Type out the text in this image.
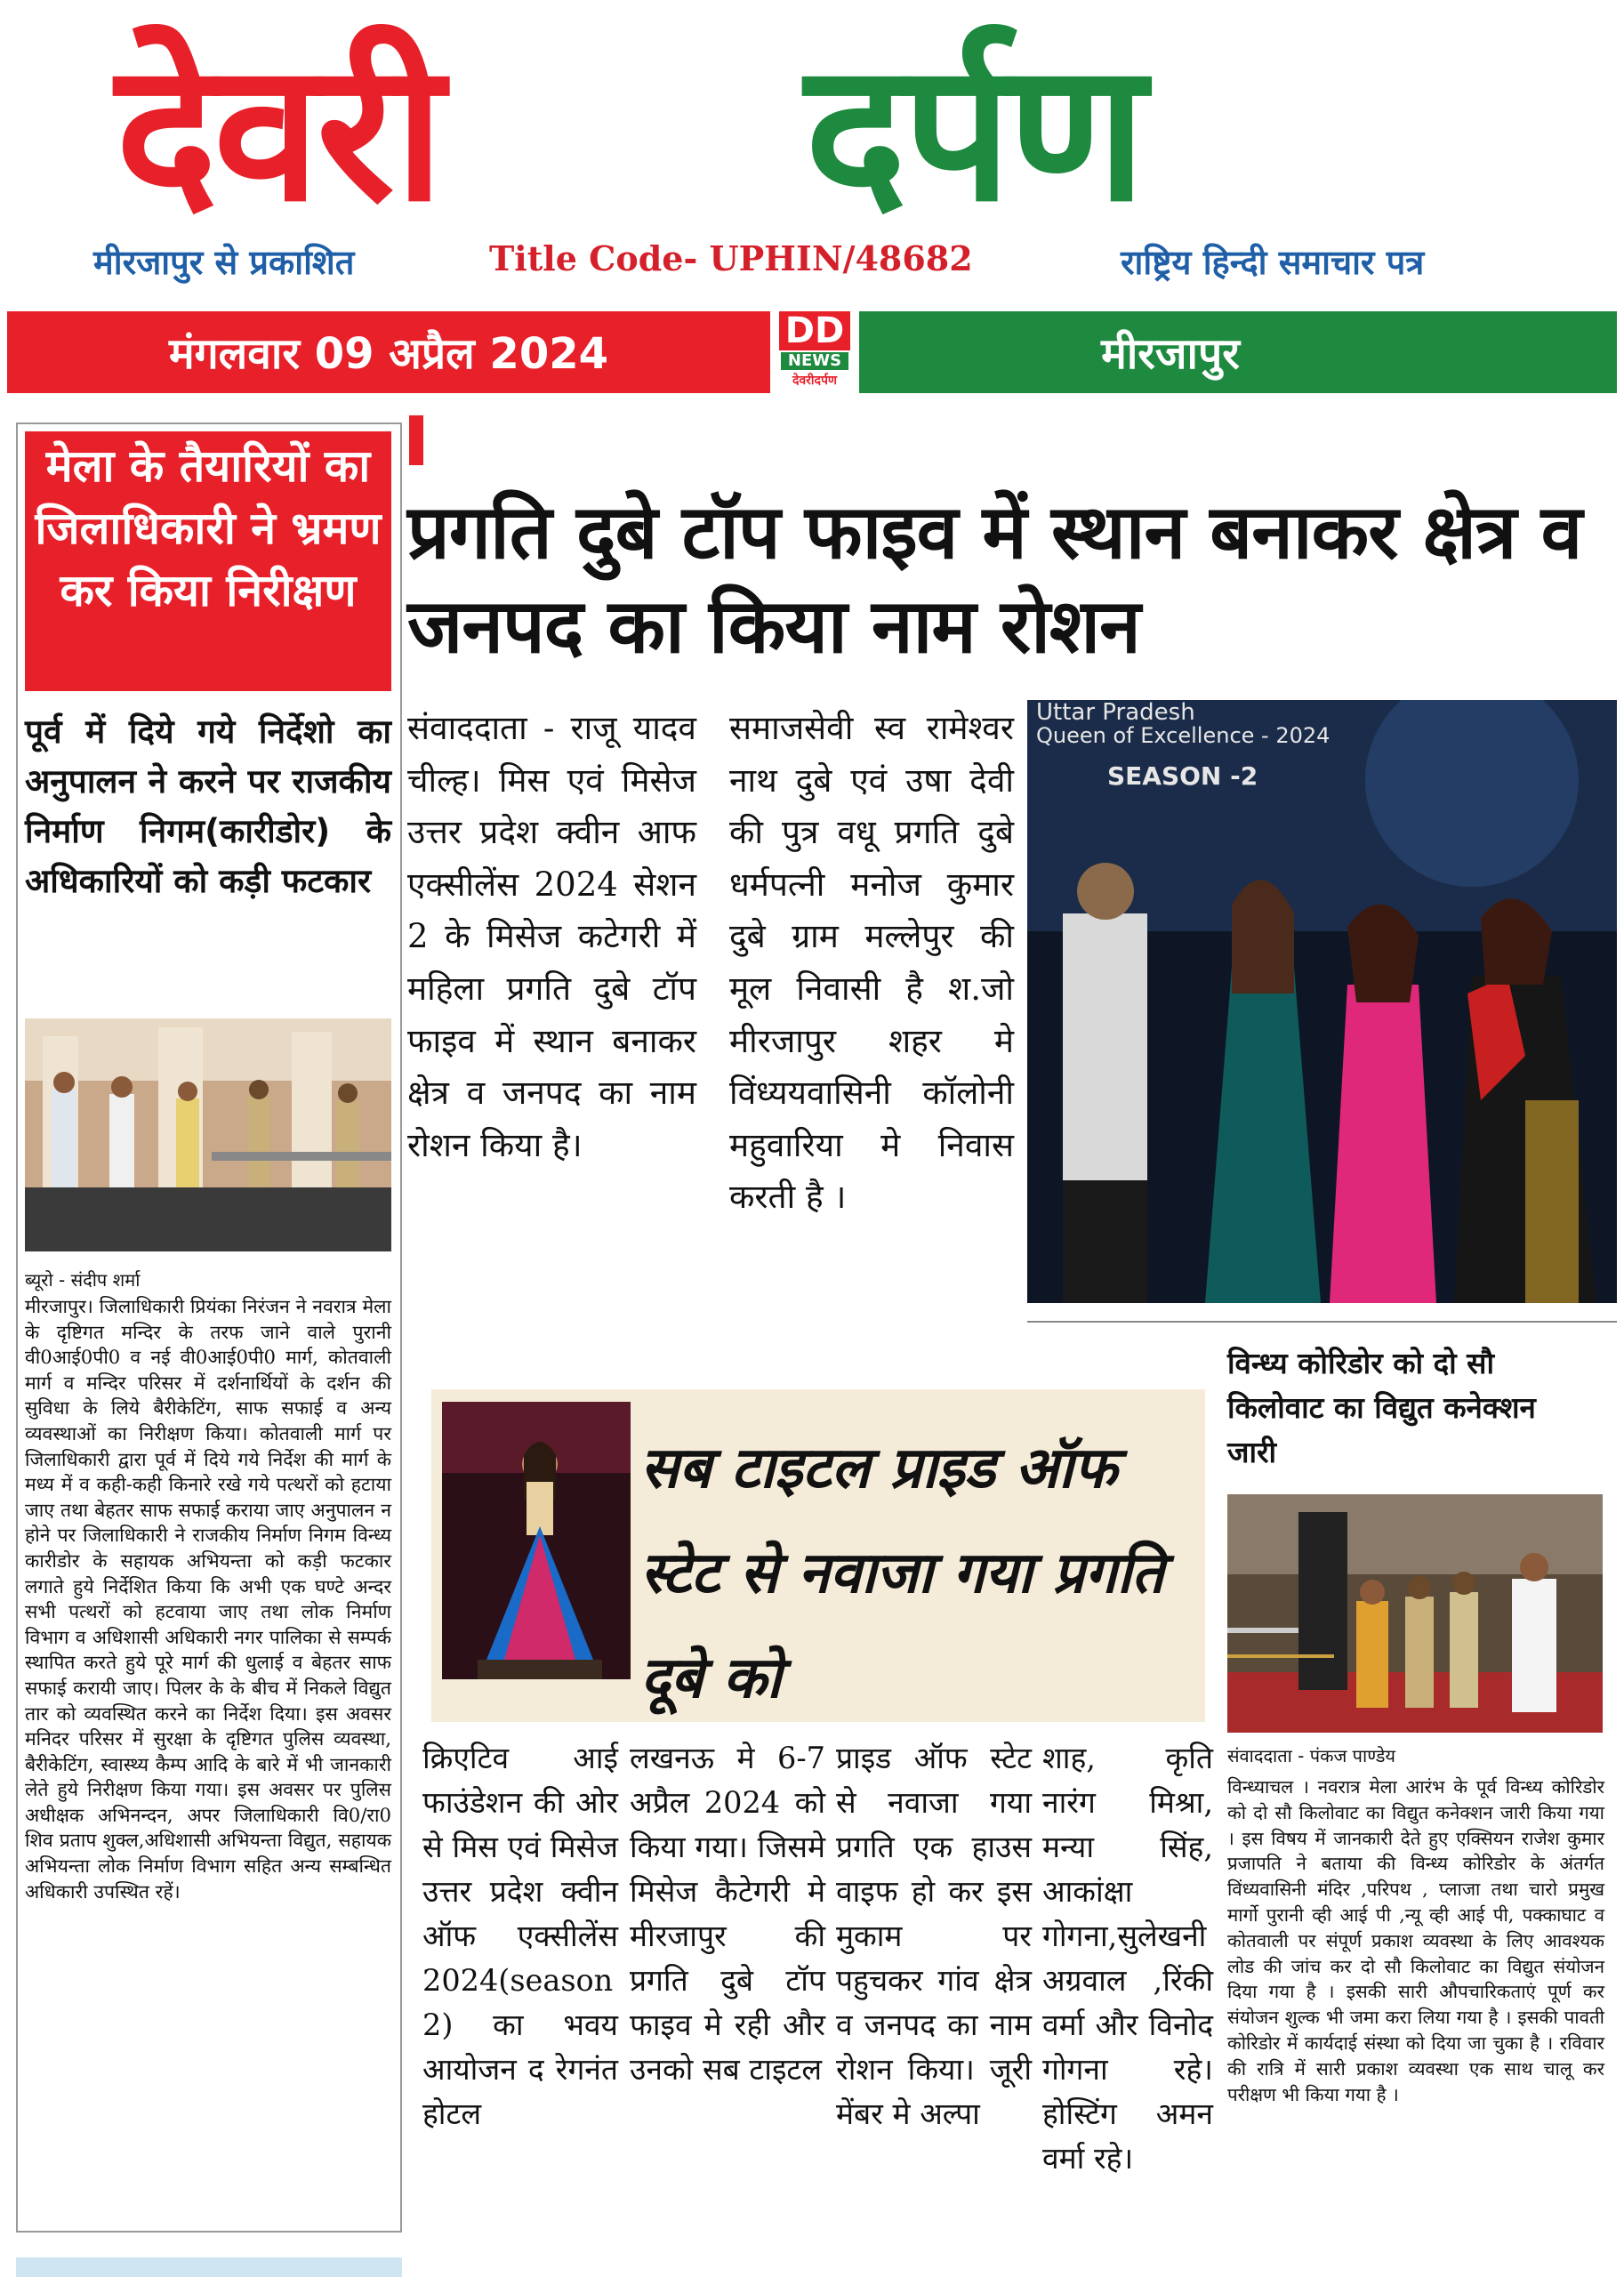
देवरी दर्पण
मीरजापुर से प्रकाशित	Title Code- UPHIN/48682	राष्ट्रिय हिन्दी समाचार पत्र
मंगलवार 09 अप्रैल 2024	DD
NEWS
देवरीदर्पण
मीरजापुर
मेला के तैयारियों का जिलाधिकारी ने भ्रमण कर किया निरीक्षण
पूर्व में दिये गये निर्देशो का अनुपालन ने करने पर राजकीय निर्माण निगम(कारीडोर) के अधिकारियों को कड़ी फटकार
ब्यूरो - संदीप शर्मा
मीरजापुर। जिलाधिकारी प्रियंका निरंजन ने नवरात्र मेला के दृष्टिगत मन्दिर के तरफ जाने वाले पुरानी वी0आई0पी0 व नई वी0आई0पी0 मार्ग, कोतवाली मार्ग व मन्दिर परिसर में दर्शनार्थियों के दर्शन की सुविधा के लिये बैरीकेटिंग, साफ सफाई व अन्य व्यवस्थाओं का निरीक्षण किया। कोतवाली मार्ग पर जिलाधिकारी द्वारा पूर्व में दिये गये निर्देश की मार्ग के मध्य में व कही-कही किनारे रखे गये पत्थरों को हटाया जाए तथा बेहतर साफ सफाई कराया जाए अनुपालन न होने पर जिलाधिकारी ने राजकीय निर्माण निगम विन्ध्य कारीडोर के सहायक अभियन्ता को कड़ी फटकार लगाते हुये निर्देशित किया कि अभी एक घण्टे अन्दर सभी पत्थरों को हटवाया जाए तथा लोक निर्माण विभाग व अधिशासी अधिकारी नगर पालिका से सम्पर्क स्थापित करते हुये पूरे मार्ग की धुलाई व बेहतर साफ सफाई करायी जाए। पिलर के के बीच में निकले विद्युत तार को व्यवस्थित करने का निर्देश दिया। इस अवसर मनिदर परिसर में सुरक्षा के दृष्टिगत पुलिस व्यवस्था, बैरीकेटिंग, स्वास्थ्य कैम्प आदि के बारे में भी जानकारी लेते हुये निरीक्षण किया गया। इस अवसर पर पुलिस अधीक्षक अभिनन्दन, अपर जिलाधिकारी वि0/रा0 शिव प्रताप शुक्ल,अधिशासी अभियन्ता विद्युत, सहायक अभियन्ता लोक निर्माण विभाग सहित अन्य सम्बन्धित अधिकारी उपस्थित रहें।
प्रगति दुबे टॉप फाइव में स्थान बनाकर क्षेत्र व जनपद का किया नाम रोशन
संवाददाता - राजू यादव चील्ह। मिस एवं मिसेज उत्तर प्रदेश क्वीन आफ एक्सीलेंस 2024 सेशन 2 के मिसेज कटेगरी में महिला प्रगति दुबे टॉप फाइव में स्थान बनाकर क्षेत्र व जनपद का नाम रोशन किया है।
समाजसेवी स्व रामेश्वर नाथ दुबे एवं उषा देवी की पुत्र वधू प्रगति दुबे धर्मपत्नी मनोज कुमार दुबे ग्राम मल्लेपुर की मूल निवासी है श.जो मीरजापुर शहर मे विंध्ययवासिनी कॉलोनी महुवारिया मे निवास करती है ।
Uttar Pradesh
Queen of Excellence - 2024
SEASON -2
सब टाइटल प्राइड ऑफ स्टेट से नवाजा गया प्रगति दूबे को
क्रिएटिव आई फाउंडेशन की ओर से मिस एवं मिसेज उत्तर प्रदेश क्वीन ऑफ एक्सीलेंस 2024(season 2) का भवय आयोजन द रेगनंत होटल
लखनऊ मे 6-7 अप्रैल 2024 को किया गया। जिसमे मिसेज कैटेगरी मे मीरजापुर की प्रगति दुबे टॉप फाइव मे रही और उनको सब टाइटल
प्राइड ऑफ स्टेट से नवाजा गया प्रगति एक हाउस वाइफ हो कर इस मुकाम पर पहुचकर गांव क्षेत्र व जनपद का नाम रोशन किया। जूरी मेंबर मे अल्पा
शाह, कृति नारंग मिश्रा, मन्या सिंह, आकांक्षा गोगना,सुलेखनी अग्रवाल ,रिंकी वर्मा और विनोद गोगना रहे। होस्टिंग अमन वर्मा रहे।
विन्ध्य कोरिडोर को दो सौ किलोवाट का विद्युत कनेक्शन जारी
संवाददाता - पंकज पाण्डेय
विन्ध्याचल । नवरात्र मेला आरंभ के पूर्व विन्ध्य कोरिडोर को दो सौ किलोवाट का विद्युत कनेक्शन जारी किया गया । इस विषय में जानकारी देते हुए एक्सियन राजेश कुमार प्रजापति ने बताया की विन्ध्य कोरिडोर के अंतर्गत विंध्यवासिनी मंदिर ,परिपथ , प्लाजा तथा चारो प्रमुख मार्गो पुरानी व्ही आई पी ,न्यू व्ही आई पी, पक्काघाट व कोतवाली पर संपूर्ण प्रकाश व्यवस्था के लिए आवश्यक लोड की जांच कर दो सौ किलोवाट का विद्युत संयोजन दिया गया है । इसकी सारी औपचारिकताएं पूर्ण कर संयोजन शुल्क भी जमा करा लिया गया है । इसकी पावती कोरिडोर में कार्यदाई संस्था को दिया जा चुका है । रविवार की रात्रि में सारी प्रकाश व्यवस्था एक साथ चालू कर परीक्षण भी किया गया है ।
